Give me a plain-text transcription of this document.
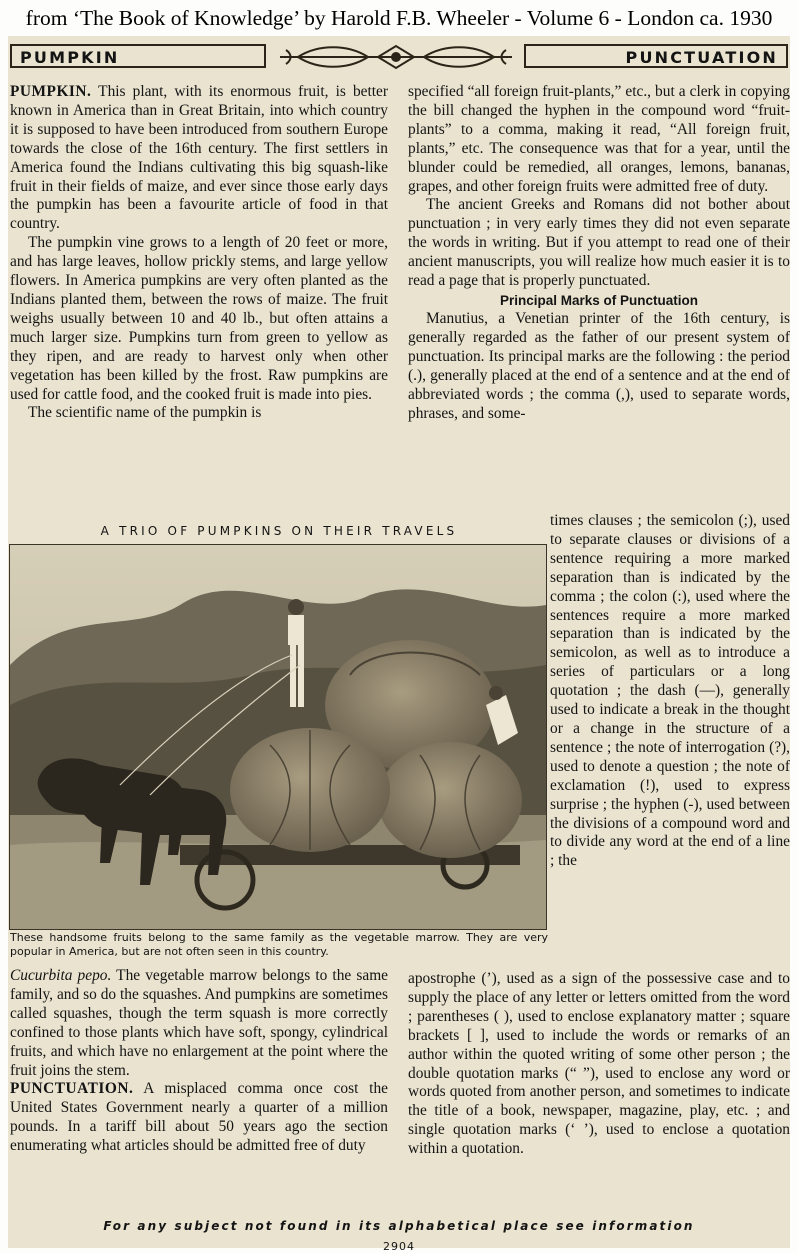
from ‘The Book of Knowledge’ by Harold F.B. Wheeler - Volume 6 - London ca. 1930
PUMPKIN	PUNCTUATION

PUMPKIN. This plant, with its enormous fruit, is better known in America than in Great Britain, into which country it is supposed to have been introduced from southern Europe towards the close of the 16th century. The first settlers in America found the Indians cultivating this big squash-like fruit in their fields of maize, and ever since those early days the pumpkin has been a favourite article of food in that country.

The pumpkin vine grows to a length of 20 feet or more, and has large leaves, hollow prickly stems, and large yellow flowers. In America pumpkins are very often planted as the Indians planted them, between the rows of maize. The fruit weighs usually between 10 and 40 lb., but often attains a much larger size. Pumpkins turn from green to yellow as they ripen, and are ready to harvest only when other vegetation has been killed by the frost. Raw pumpkins are used for cattle food, and the cooked fruit is made into pies.

The scientific name of the pumpkin is

A TRIO OF PUMPKINS ON THEIR TRAVELS
These handsome fruits belong to the same family as the vegetable marrow. They are very popular in America, but are not often seen in this country.

Cucurbita pepo. The vegetable marrow belongs to the same family, and so do the squashes. And pumpkins are sometimes called squashes, though the term squash is more correctly confined to those plants which have soft, spongy, cylindrical fruits, and which have no enlargement at the point where the fruit joins the stem.

PUNCTUATION. A misplaced comma once cost the United States Government nearly a quarter of a million pounds. In a tariff bill about 50 years ago the section enumerating what articles should be admitted free of duty

specified “all foreign fruit-plants,” etc., but a clerk in copying the bill changed the hyphen in the compound word “fruit-plants” to a comma, making it read, “All foreign fruit, plants,” etc. The consequence was that for a year, until the blunder could be remedied, all oranges, lemons, bananas, grapes, and other foreign fruits were admitted free of duty.

The ancient Greeks and Romans did not bother about punctuation ; in very early times they did not even separate the words in writing. But if you attempt to read one of their ancient manuscripts, you will realize how much easier it is to read a page that is properly punctuated.

Principal Marks of Punctuation

Manutius, a Venetian printer of the 16th century, is generally regarded as the father of our present system of punctuation. Its principal marks are the following : the period (.), generally placed at the end of a sentence and at the end of abbreviated words ; the comma (,), used to separate words, phrases, and some-

times clauses ; the semicolon (;), used to separate clauses or divisions of a sentence requiring a more marked separation than is indicated by the comma ; the colon (:), used where the sentences require a more marked separation than is indicated by the semicolon, as well as to introduce a series of particulars or a long quotation ; the dash (—), generally used to indicate a break in the thought or a change in the structure of a sentence ; the note of interrogation (?), used to denote a question ; the note of exclamation (!), used to express surprise ; the hyphen (-), used between the divisions of a compound word and to divide any word at the end of a line ; the

apostrophe (’), used as a sign of the possessive case and to supply the place of any letter or letters omitted from the word ; parentheses ( ), used to enclose explanatory matter ; square brackets [ ], used to include the words or remarks of an author within the quoted writing of some other person ; the double quotation marks (“ ”), used to enclose any word or words quoted from another person, and sometimes to indicate the title of a book, newspaper, magazine, play, etc. ; and single quotation marks (‘ ’), used to enclose a quotation within a quotation.

For any subject not found in its alphabetical place see information
2904
